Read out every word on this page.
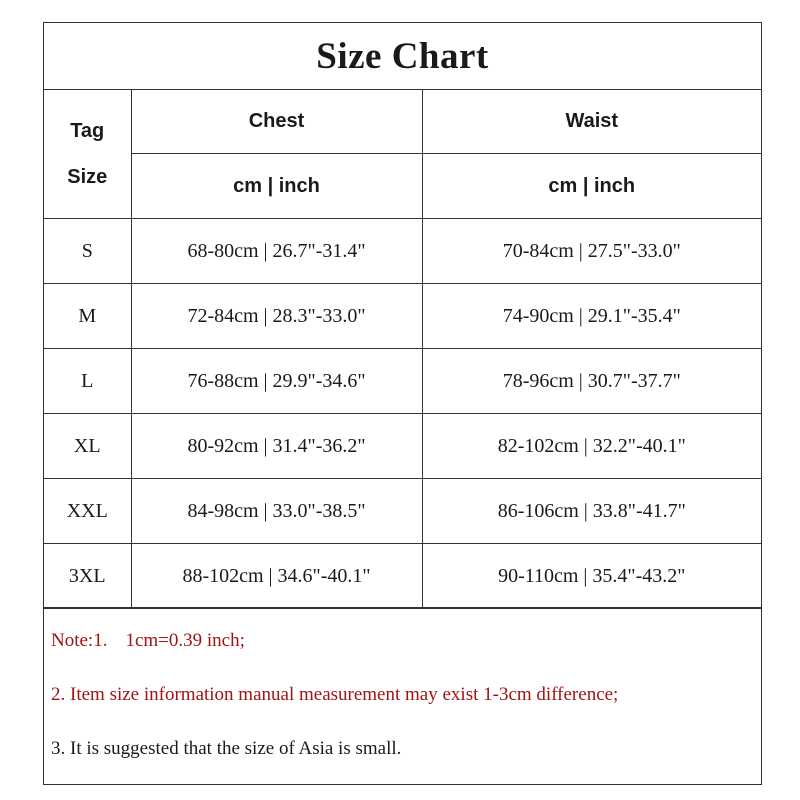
Size Chart
Tag
Size	Chest	Waist
	cm | inch	cm | inch
S	68-80cm | 26.7"-31.4"	70-84cm | 27.5"-33.0"
M	72-84cm | 28.3"-33.0"	74-90cm | 29.1"-35.4"
L	76-88cm | 29.9"-34.6"	78-96cm | 30.7"-37.7"
XL	80-92cm | 31.4"-36.2"	82-102cm | 32.2"-40.1"
XXL	84-98cm | 33.0"-38.5"	86-106cm | 33.8"-41.7"
3XL	88-102cm | 34.6"-40.1"	90-110cm | 35.4"-43.2"
Note:1. 1cm=0.39 inch;
2. Item size information manual measurement may exist 1-3cm difference;
3. It is suggested that the size of Asia is small.
